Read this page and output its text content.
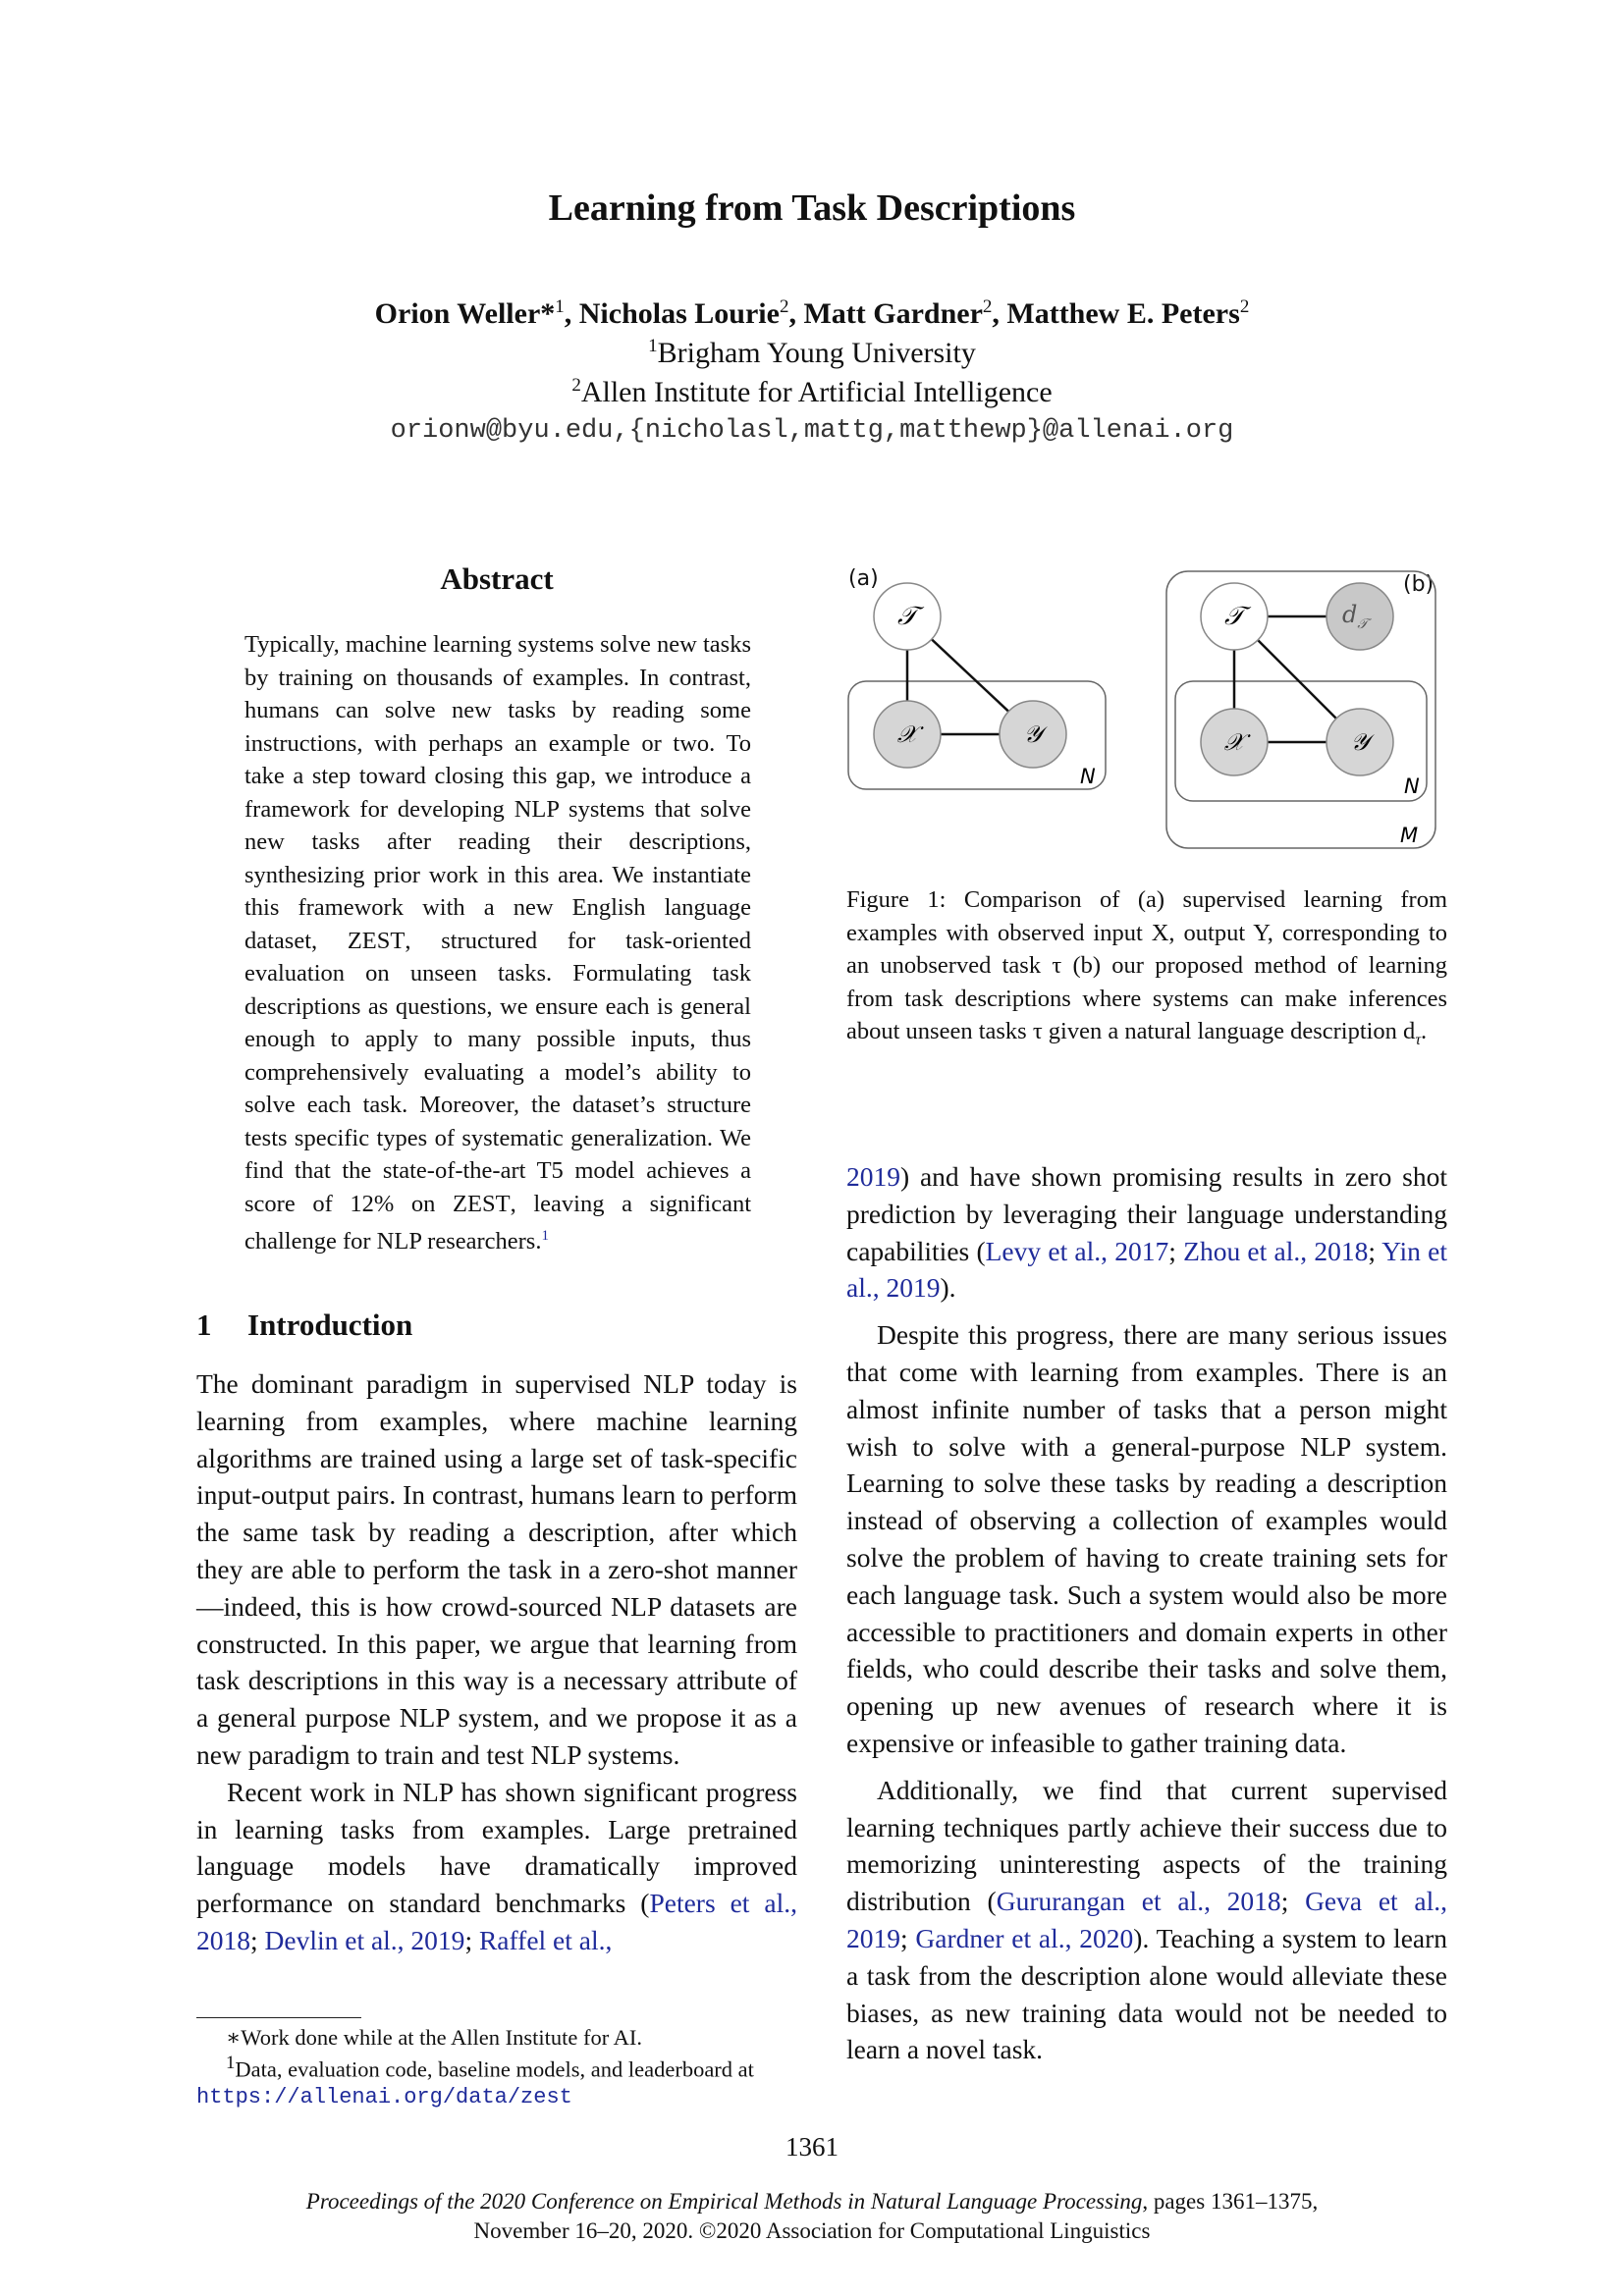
Learning from Task Descriptions
Orion Weller*$^1$, Nicholas Lourie$^2$, Matt Gardner$^2$, Matthew E. Peters$^2$
$^1$Brigham Young University
$^2$Allen Institute for Artificial Intelligence
orionw@byu.edu,{nicholasl,mattg,matthewp}@allenai.org
Abstract
Typically, machine learning systems solve new tasks by training on thousands of examples. In contrast, humans can solve new tasks by reading some instructions, with perhaps an example or two. To take a step toward closing this gap, we introduce a framework for developing NLP systems that solve new tasks after reading their descriptions, synthesizing prior work in this area. We instantiate this framework with a new English language dataset, ZEST, structured for task-oriented evaluation on unseen tasks. Formulating task descriptions as questions, we ensure each is general enough to apply to many possible inputs, thus comprehensively evaluating a model’s ability to solve each task. Moreover, the dataset’s structure tests specific types of systematic generalization. We find that the state-of-the-art T5 model achieves a score of 12% on ZEST, leaving a significant challenge for NLP researchers.$^1$
1 Introduction

The dominant paradigm in supervised NLP today is learning from examples, where machine learning algorithms are trained using a large set of task-specific input-output pairs. In contrast, humans learn to perform the same task by reading a description, after which they are able to perform the task in a zero-shot manner—indeed, this is how crowd-sourced NLP datasets are constructed. In this paper, we argue that learning from task descriptions in this way is a necessary attribute of a general purpose NLP system, and we propose it as a new paradigm to train and test NLP systems.

Recent work in NLP has shown significant progress in learning tasks from examples. Large pretrained language models have dramatically improved performance on standard benchmarks (Peters et al., 2018; Devlin et al., 2019; Raffel et al.,

∗Work done while at the Allen Institute for AI.
$^1$Data, evaluation code, baseline models, and leaderboard at https://allenai.org/data/zest
(a)
𝒯
𝒳	𝒴
N
(b)
𝒯	$d_𝒯$
𝒳	𝒴
N
M
Figure 1: Comparison of (a) supervised learning from examples with observed input X, output Y, corresponding to an unobserved task τ (b) our proposed method of learning from task descriptions where systems can make inferences about unseen tasks τ given a natural language description $d_\tau$.

2019) and have shown promising results in zero shot prediction by leveraging their language understanding capabilities (Levy et al., 2017; Zhou et al., 2018; Yin et al., 2019).

Despite this progress, there are many serious issues that come with learning from examples. There is an almost infinite number of tasks that a person might wish to solve with a general-purpose NLP system. Learning to solve these tasks by reading a description instead of observing a collection of examples would solve the problem of having to create training sets for each language task. Such a system would also be more accessible to practitioners and domain experts in other fields, who could describe their tasks and solve them, opening up new avenues of research where it is expensive or infeasible to gather training data.

Additionally, we find that current supervised learning techniques partly achieve their success due to memorizing uninteresting aspects of the training distribution (Gururangan et al., 2018; Geva et al., 2019; Gardner et al., 2020). Teaching a system to learn a task from the description alone would alleviate these biases, as new training data would not be needed to learn a novel task.

1361
Proceedings of the 2020 Conference on Empirical Methods in Natural Language Processing, pages 1361–1375,
November 16–20, 2020. ©2020 Association for Computational Linguistics
